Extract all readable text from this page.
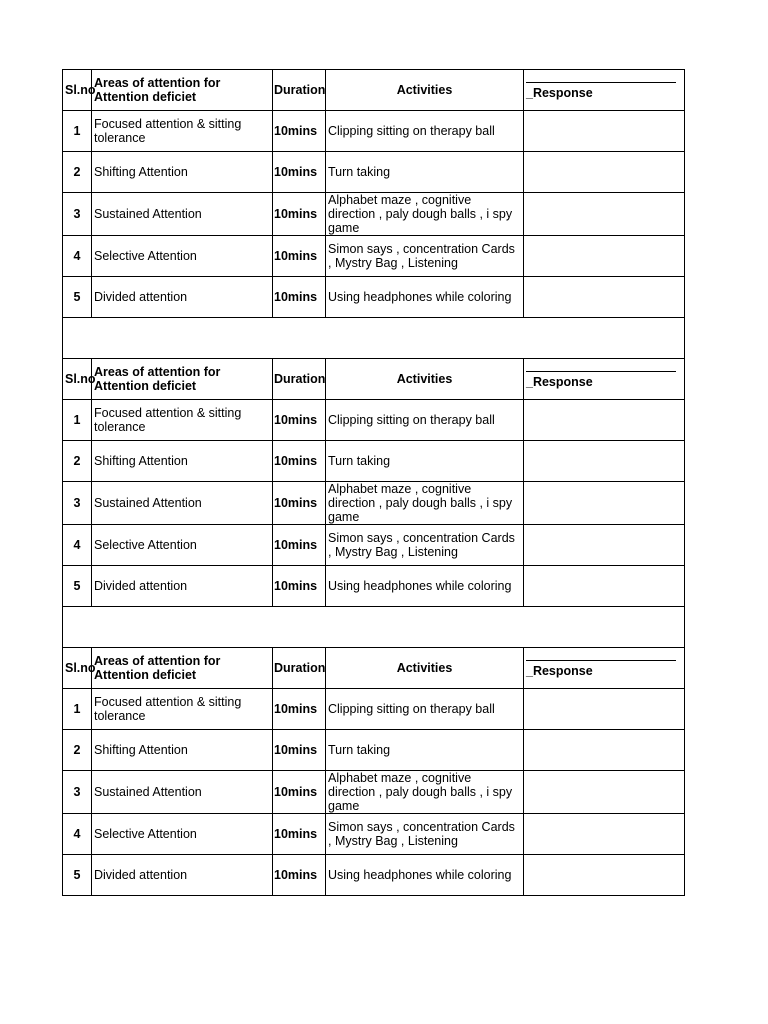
Sl.no	Areas of attention for Attention deficiet	Duration	Activities	_Response

1	Focused attention & sitting tolerance	10mins	Clipping sitting on therapy ball	
2	Shifting Attention	10mins	Turn taking	
3	Sustained Attention	10mins	Alphabet maze , cognitive direction , paly dough balls , i spy game	
4	Selective Attention	10mins	Simon says , concentration Cards , Mystry Bag , Listening	
5	Divided attention	10mins	Using headphones while coloring	

Sl.no	Areas of attention for Attention deficiet	Duration	Activities	_Response

1	Focused attention & sitting tolerance	10mins	Clipping sitting on therapy ball	
2	Shifting Attention	10mins	Turn taking	
3	Sustained Attention	10mins	Alphabet maze , cognitive direction , paly dough balls , i spy game	
4	Selective Attention	10mins	Simon says , concentration Cards , Mystry Bag , Listening	
5	Divided attention	10mins	Using headphones while coloring	

Sl.no	Areas of attention for Attention deficiet	Duration	Activities	_Response

1	Focused attention & sitting tolerance	10mins	Clipping sitting on therapy ball	
2	Shifting Attention	10mins	Turn taking	
3	Sustained Attention	10mins	Alphabet maze , cognitive direction , paly dough balls , i spy game	
4	Selective Attention	10mins	Simon says , concentration Cards , Mystry Bag , Listening	
5	Divided attention	10mins	Using headphones while coloring	
